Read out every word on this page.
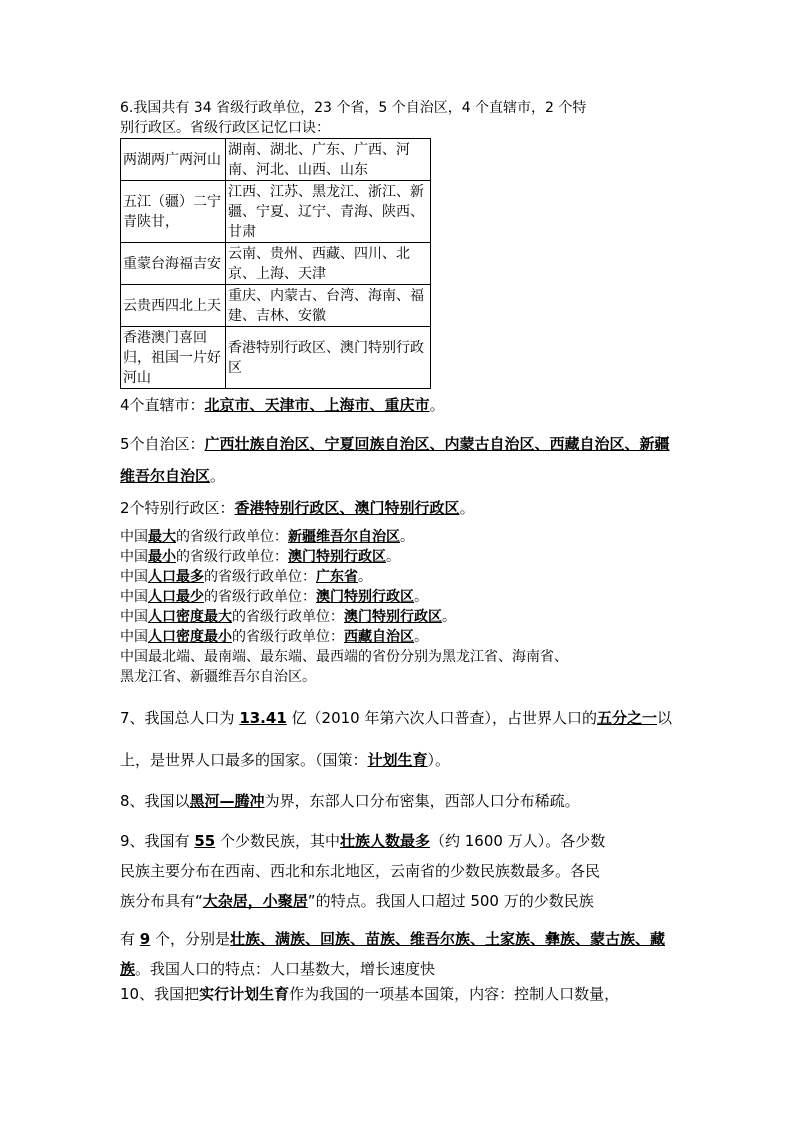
6.我国共有 34 省级行政单位，23 个省，5 个自治区，4 个直辖市，2 个特
别行政区。省级行政区记忆口诀：

两湖两广两河山	湖南、湖北、广东、广西、河南、河北、山西、山东
五江（疆）二宁青陕甘，	江西、江苏、黑龙江、浙江、新疆、宁夏、辽宁、青海、陕西、甘肃
重蒙台海福吉安	云南、贵州、西藏、四川、北京、上海、天津
云贵西四北上天	重庆、内蒙古、台湾、海南、福建、吉林、安徽
香港澳门喜回归，祖国一片好河山	香港特别行政区、澳门特别行政区

4个直辖市：北京市、天津市、上海市、重庆市。

5个自治区：广西壮族自治区、宁夏回族自治区、内蒙古自治区、西藏自治区、新疆维吾尔自治区。

2个特别行政区：香港特别行政区、澳门特别行政区。

中国最大的省级行政单位：新疆维吾尔自治区。
中国最小的省级行政单位：澳门特别行政区。
中国人口最多的省级行政单位：广东省。
中国人口最少的省级行政单位：澳门特别行政区。
中国人口密度最大的省级行政单位：澳门特别行政区。
中国人口密度最小的省级行政单位：西藏自治区。
中国最北端、最南端、最东端、最西端的省份分别为黑龙江省、海南省、
黑龙江省、新疆维吾尔自治区。

7、我国总人口为 13.41 亿（2010 年第六次人口普查），占世界人口的五分之一以上，是世界人口最多的国家。（国策：计划生育）。

8、我国以黑河—腾冲为界，东部人口分布密集，西部人口分布稀疏。

9、我国有 55 个少数民族，其中壮族人数最多（约 1600 万人）。各少数
民族主要分布在西南、西北和东北地区，云南省的少数民族数最多。各民
族分布具有“大杂居，小聚居”的特点。我国人口超过 500 万的少数民族

有 9 个，分别是壮族、满族、回族、苗族、维吾尔族、土家族、彝族、蒙古族、藏族。我国人口的特点：人口基数大，增长速度快

10、我国把实行计划生育作为我国的一项基本国策，内容：控制人口数量，
